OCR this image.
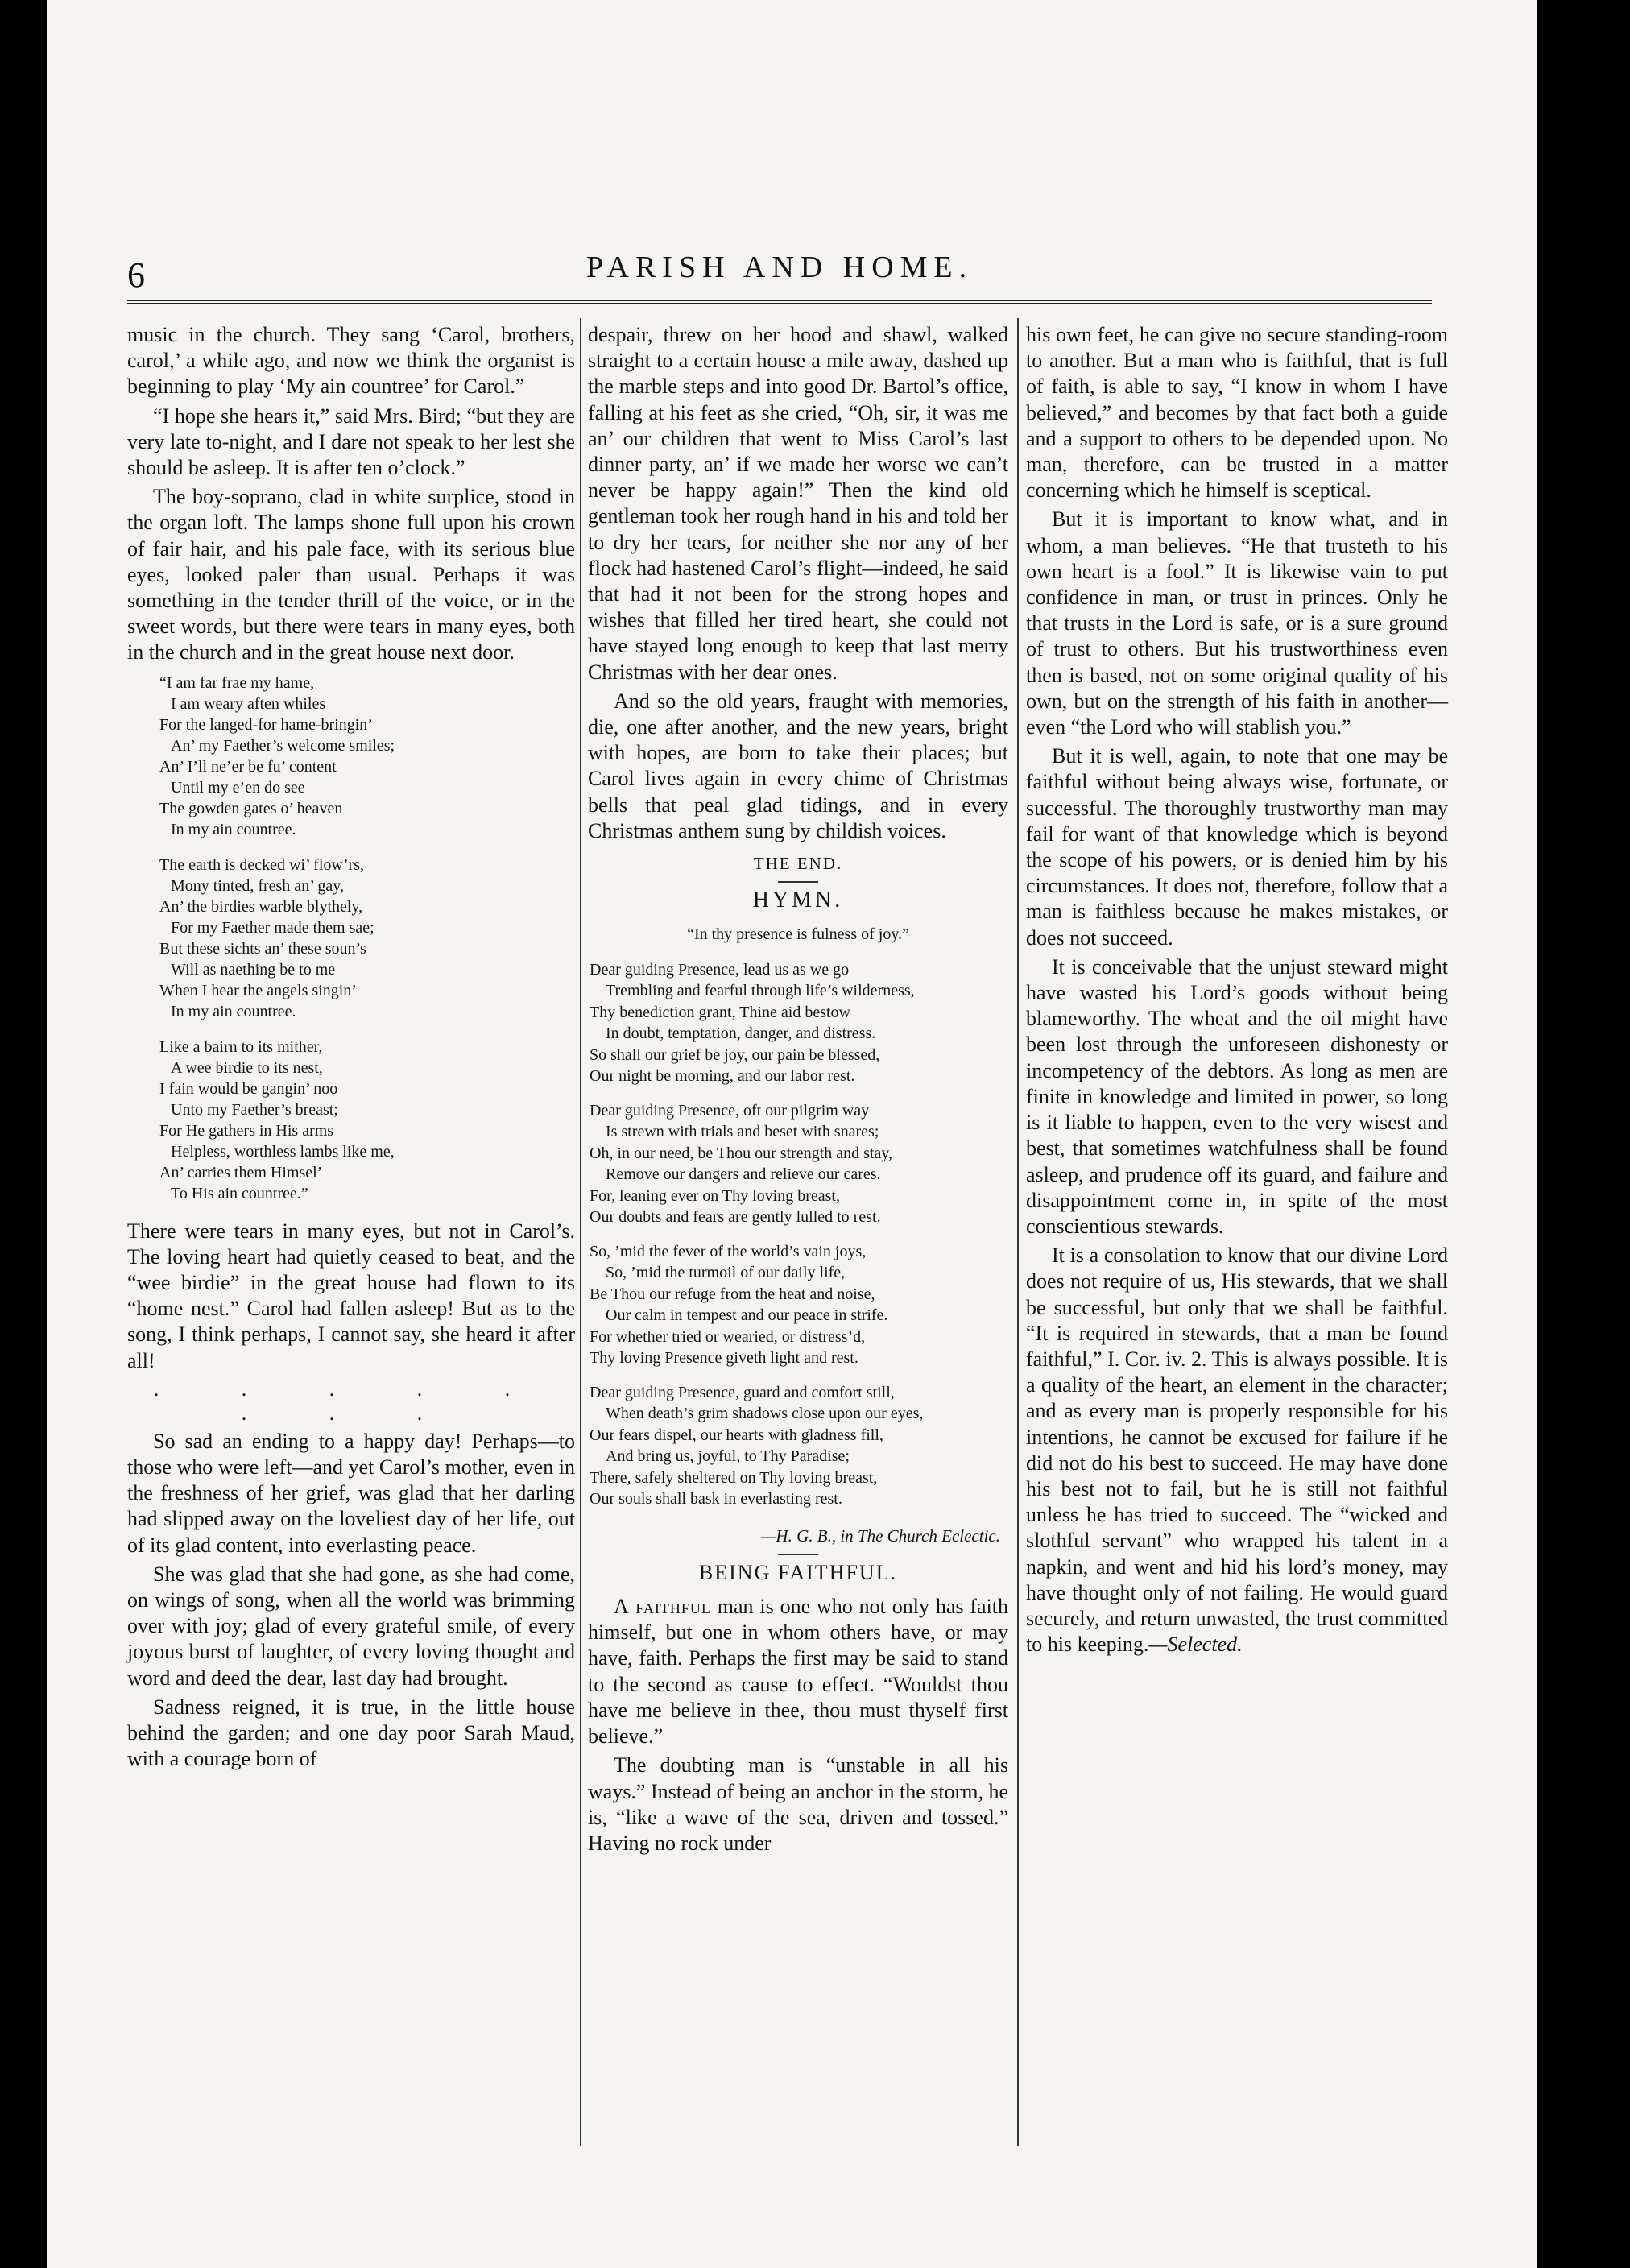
6	PARISH AND HOME.

music in the church. They sang ‘Carol, brothers, carol,’ a while ago, and now we think the organist is beginning to play ‘My ain countree’ for Carol.”

“I hope she hears it,” said Mrs. Bird; “but they are very late to-night, and I dare not speak to her lest she should be asleep. It is after ten o’clock.”

The boy-soprano, clad in white surplice, stood in the organ loft. The lamps shone full upon his crown of fair hair, and his pale face, with its serious blue eyes, looked paler than usual. Perhaps it was something in the tender thrill of the voice, or in the sweet words, but there were tears in many eyes, both in the church and in the great house next door.

“I am far frae my hame,
I am weary aften whiles
For the langed-for hame-bringin’
An’ my Faether’s welcome smiles;
An’ I’ll ne’er be fu’ content
Until my e’en do see
The gowden gates o’ heaven
In my ain countree.
The earth is decked wi’ flow’rs,
Mony tinted, fresh an’ gay,
An’ the birdies warble blythely,
For my Faether made them sae;
But these sichts an’ these soun’s
Will as naething be to me
When I hear the angels singin’
In my ain countree.
Like a bairn to its mither,
A wee birdie to its nest,
I fain would be gangin’ noo
Unto my Faether’s breast;
For He gathers in His arms
Helpless, worthless lambs like me,
An’ carries them Himsel’
To His ain countree.”

There were tears in many eyes, but not in Carol’s. The loving heart had quietly ceased to beat, and the “wee birdie” in the great house had flown to its “home nest.” Carol had fallen asleep! But as to the song, I think perhaps, I cannot say, she heard it after all!

. . . . . . . .

So sad an ending to a happy day! Perhaps—to those who were left—and yet Carol’s mother, even in the freshness of her grief, was glad that her darling had slipped away on the loveliest day of her life, out of its glad content, into everlasting peace.

She was glad that she had gone, as she had come, on wings of song, when all the world was brimming over with joy; glad of every grateful smile, of every joyous burst of laughter, of every loving thought and word and deed the dear, last day had brought.

Sadness reigned, it is true, in the little house behind the garden; and one day poor Sarah Maud, with a courage born of

despair, threw on her hood and shawl, walked straight to a certain house a mile away, dashed up the marble steps and into good Dr. Bartol’s office, falling at his feet as she cried, “Oh, sir, it was me an’ our children that went to Miss Carol’s last dinner party, an’ if we made her worse we can’t never be happy again!” Then the kind old gentleman took her rough hand in his and told her to dry her tears, for neither she nor any of her flock had hastened Carol’s flight—indeed, he said that had it not been for the strong hopes and wishes that filled her tired heart, she could not have stayed long enough to keep that last merry Christmas with her dear ones.

And so the old years, fraught with memories, die, one after another, and the new years, bright with hopes, are born to take their places; but Carol lives again in every chime of Christmas bells that peal glad tidings, and in every Christmas anthem sung by childish voices.

THE END.
HYMN.
“In thy presence is fulness of joy.”
Dear guiding Presence, lead us as we go
Trembling and fearful through life’s wilderness,
Thy benediction grant, Thine aid bestow
In doubt, temptation, danger, and distress.
So shall our grief be joy, our pain be blessed,
Our night be morning, and our labor rest.
Dear guiding Presence, oft our pilgrim way
Is strewn with trials and beset with snares;
Oh, in our need, be Thou our strength and stay,
Remove our dangers and relieve our cares.
For, leaning ever on Thy loving breast,
Our doubts and fears are gently lulled to rest.
So, ’mid the fever of the world’s vain joys,
So, ’mid the turmoil of our daily life,
Be Thou our refuge from the heat and noise,
Our calm in tempest and our peace in strife.
For whether tried or wearied, or distress’d,
Thy loving Presence giveth light and rest.
Dear guiding Presence, guard and comfort still,
When death’s grim shadows close upon our eyes,
Our fears dispel, our hearts with gladness fill,
And bring us, joyful, to Thy Paradise;
There, safely sheltered on Thy loving breast,
Our souls shall bask in everlasting rest.
—H. G. B., in The Church Eclectic.
BEING FAITHFUL.

A faithful man is one who not only has faith himself, but one in whom others have, or may have, faith. Perhaps the first may be said to stand to the second as cause to effect. “Wouldst thou have me believe in thee, thou must thyself first believe.”

The doubting man is “unstable in all his ways.” Instead of being an anchor in the storm, he is, “like a wave of the sea, driven and tossed.” Having no rock under

his own feet, he can give no secure standing-room to another. But a man who is faithful, that is full of faith, is able to say, “I know in whom I have believed,” and becomes by that fact both a guide and a support to others to be depended upon. No man, therefore, can be trusted in a matter concerning which he himself is sceptical.

But it is important to know what, and in whom, a man believes. “He that trusteth to his own heart is a fool.” It is likewise vain to put confidence in man, or trust in princes. Only he that trusts in the Lord is safe, or is a sure ground of trust to others. But his trustworthiness even then is based, not on some original quality of his own, but on the strength of his faith in another—even “the Lord who will stablish you.”

But it is well, again, to note that one may be faithful without being always wise, fortunate, or successful. The thoroughly trustworthy man may fail for want of that knowledge which is beyond the scope of his powers, or is denied him by his circumstances. It does not, therefore, follow that a man is faithless because he makes mistakes, or does not succeed.

It is conceivable that the unjust steward might have wasted his Lord’s goods without being blameworthy. The wheat and the oil might have been lost through the unforeseen dishonesty or incompetency of the debtors. As long as men are finite in knowledge and limited in power, so long is it liable to happen, even to the very wisest and best, that sometimes watchfulness shall be found asleep, and prudence off its guard, and failure and disappointment come in, in spite of the most conscientious stewards.

It is a consolation to know that our divine Lord does not require of us, His stewards, that we shall be successful, but only that we shall be faithful. “It is required in stewards, that a man be found faithful,” I. Cor. iv. 2. This is always possible. It is a quality of the heart, an element in the character; and as every man is properly responsible for his intentions, he cannot be excused for failure if he did not do his best to succeed. He may have done his best not to fail, but he is still not faithful unless he has tried to succeed. The “wicked and slothful servant” who wrapped his talent in a napkin, and went and hid his lord’s money, may have thought only of not failing. He would guard securely, and return unwasted, the trust committed to his keeping.—Selected.
